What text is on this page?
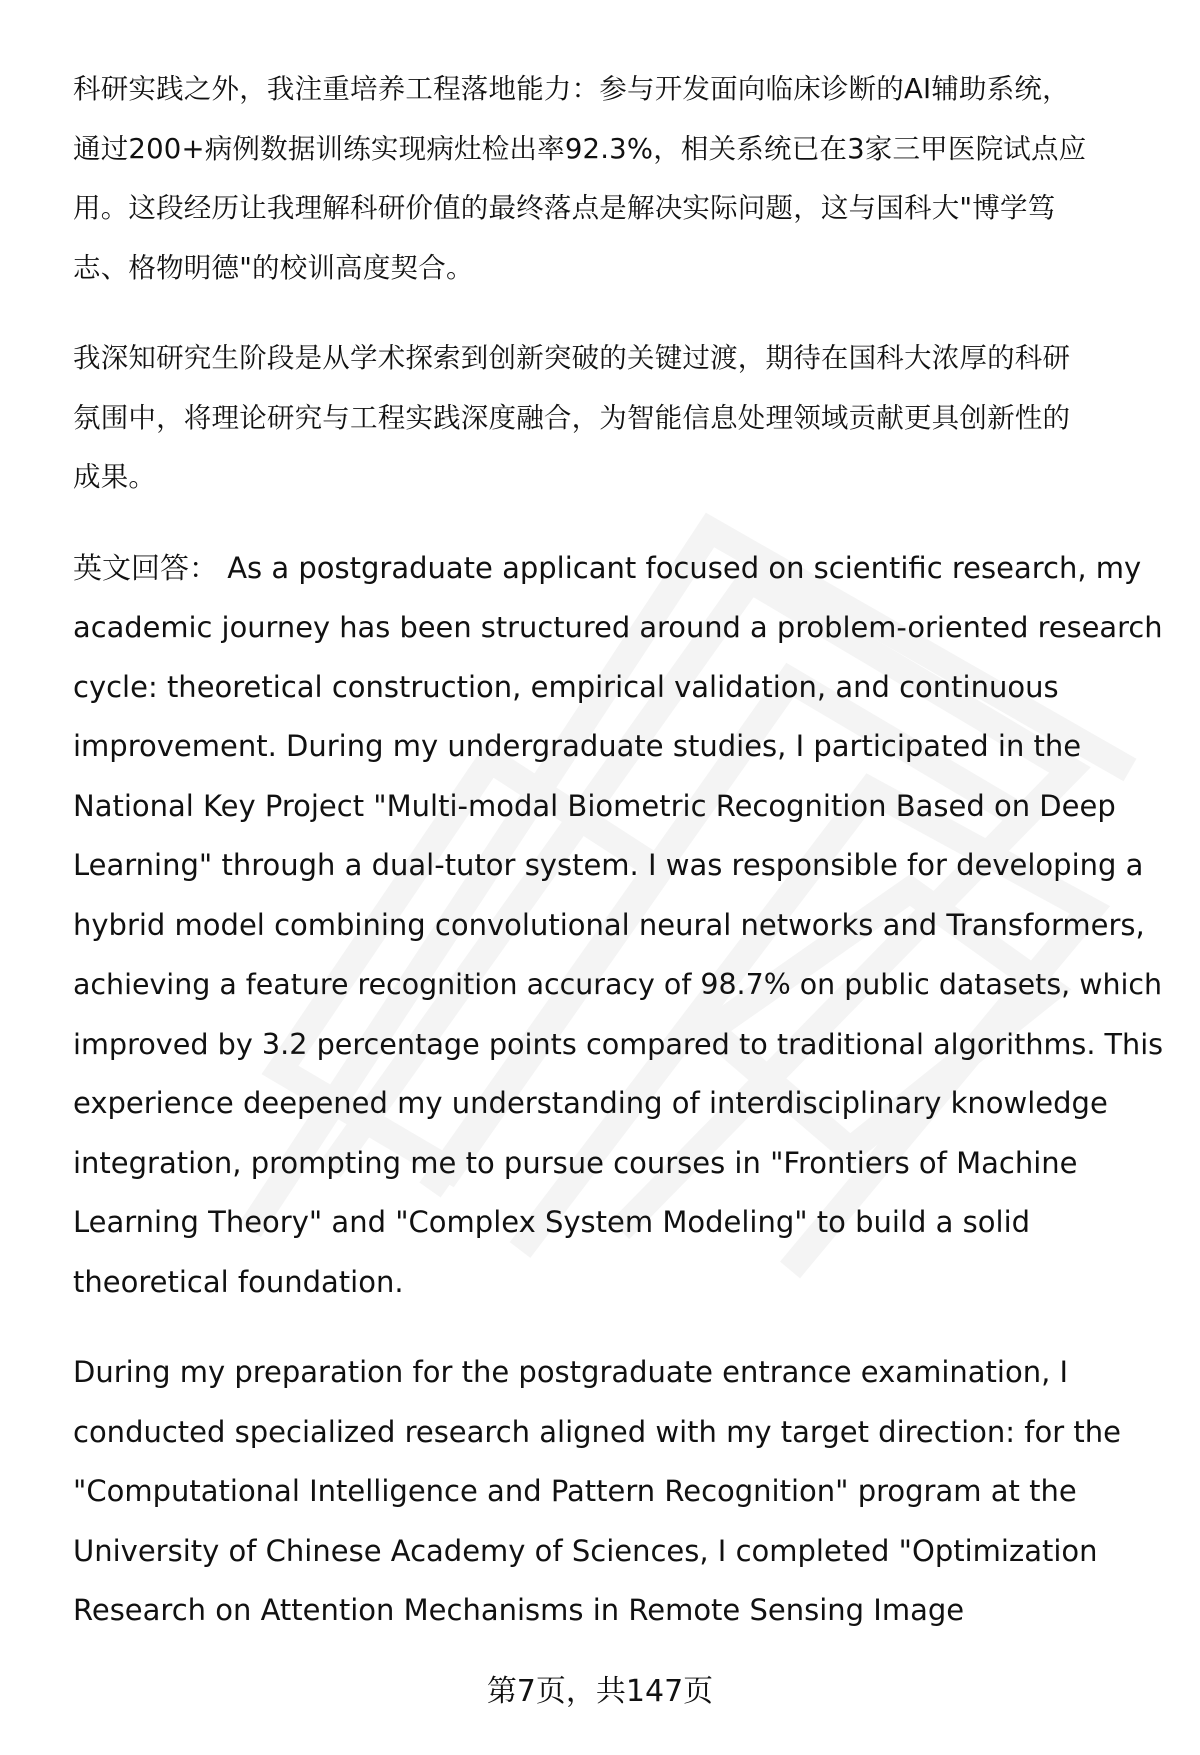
科研实践之外，我注重培养工程落地能力：参与开发面向临床诊断的AI辅助系统，
通过200+病例数据训练实现病灶检出率92.3%，相关系统已在3家三甲医院试点应
用。这段经历让我理解科研价值的最终落点是解决实际问题，这与国科大"博学笃
志、格物明德"的校训高度契合。

我深知研究生阶段是从学术探索到创新突破的关键过渡，期待在国科大浓厚的科研
氛围中，将理论研究与工程实践深度融合，为智能信息处理领域贡献更具创新性的
成果。

英文回答： As a postgraduate applicant focused on scientific research, my
academic journey has been structured around a problem-oriented research
cycle: theoretical construction, empirical validation, and continuous
improvement. During my undergraduate studies, I participated in the
National Key Project "Multi-modal Biometric Recognition Based on Deep
Learning" through a dual-tutor system. I was responsible for developing a
hybrid model combining convolutional neural networks and Transformers,
achieving a feature recognition accuracy of 98.7% on public datasets, which
improved by 3.2 percentage points compared to traditional algorithms. This
experience deepened my understanding of interdisciplinary knowledge
integration, prompting me to pursue courses in "Frontiers of Machine
Learning Theory" and "Complex System Modeling" to build a solid
theoretical foundation.

During my preparation for the postgraduate entrance examination, I
conducted specialized research aligned with my target direction: for the
"Computational Intelligence and Pattern Recognition" program at the
University of Chinese Academy of Sciences, I completed "Optimization
Research on Attention Mechanisms in Remote Sensing Image

第7页，共147页
